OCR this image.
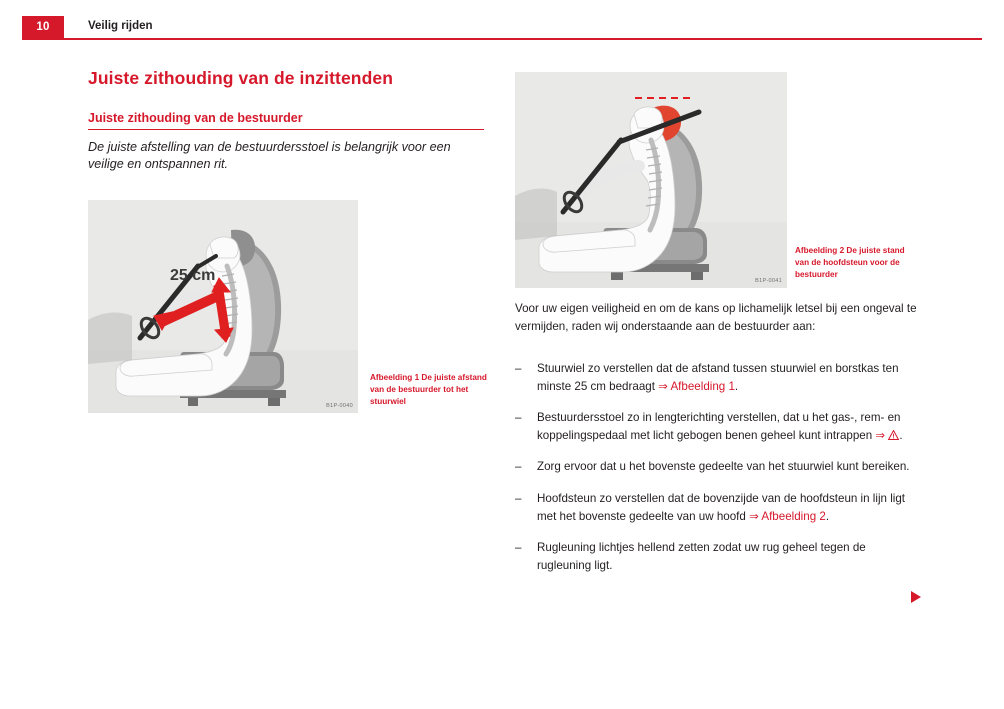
10	Veilig rijden
Juiste zithouding van de inzittenden
Juiste zithouding van de bestuurder

De juiste afstelling van de bestuurdersstoel is belangrijk voor een veilige en ontspannen rit.

25 cm
B1P-0040
Afbeelding 1 De juiste afstand van de bestuurder tot het stuurwiel
B1P-0041
Afbeelding 2 De juiste stand van de hoofdsteun voor de bestuurder
Voor uw eigen veiligheid en om de kans op lichamelijk letsel bij een ongeval te vermijden, raden wij onderstaande aan de bestuurder aan:
–	Stuurwiel zo verstellen dat de afstand tussen stuurwiel en borstkas ten minste 25 cm bedraagt ⇒ Afbeelding 1.
–	Bestuurdersstoel zo in lengterichting verstellen, dat u het gas-, rem- en koppelingspedaal met licht gebogen benen geheel kunt intrappen ⇒ .
–	Zorg ervoor dat u het bovenste gedeelte van het stuurwiel kunt bereiken.
–	Hoofdsteun zo verstellen dat de bovenzijde van de hoofdsteun in lijn ligt met het bovenste gedeelte van uw hoofd ⇒ Afbeelding 2.
–	Rugleuning lichtjes hellend zetten zodat uw rug geheel tegen de rugleuning ligt.
